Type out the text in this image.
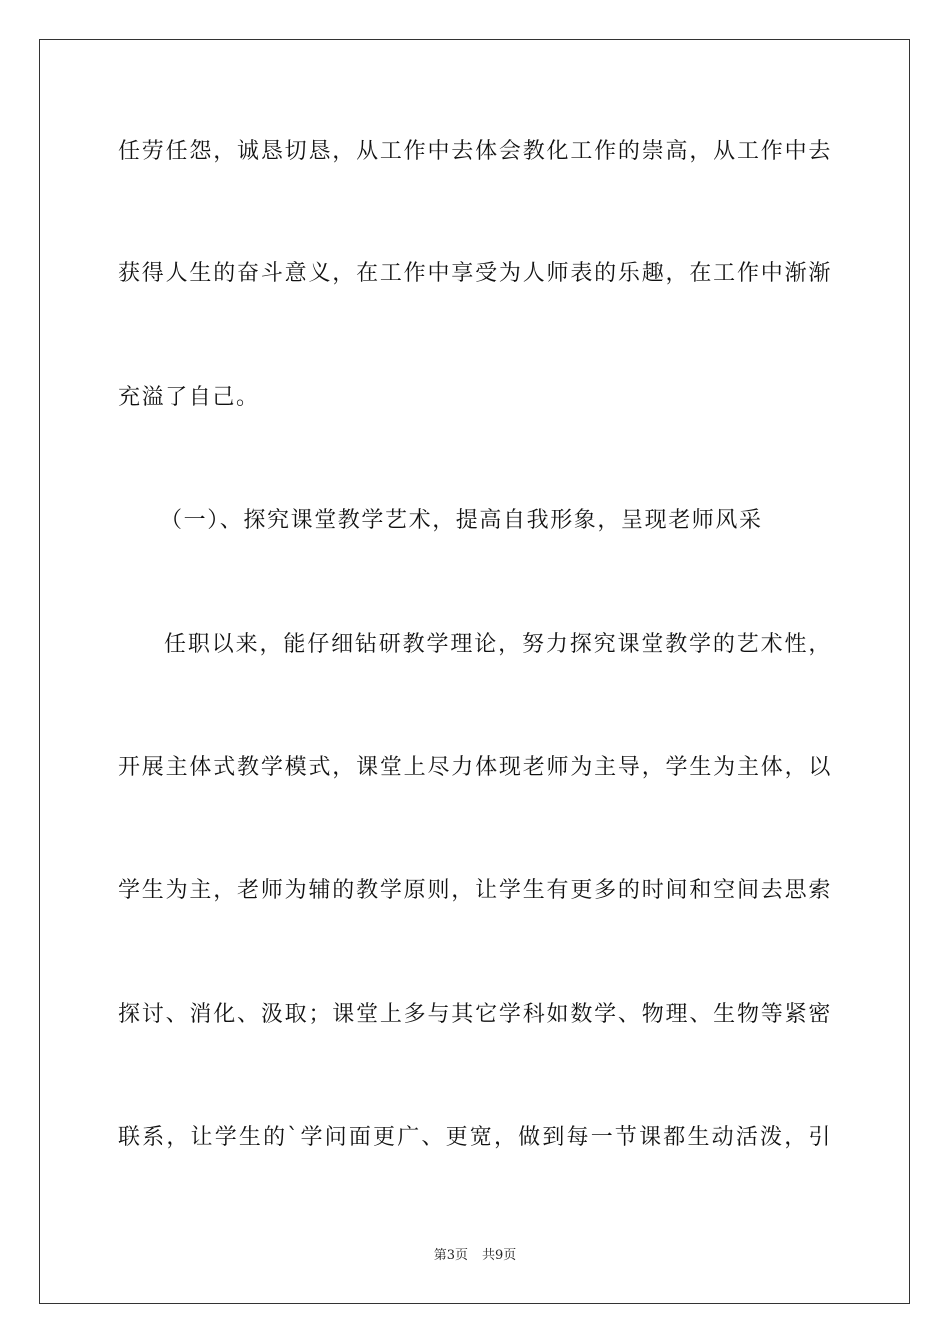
任劳任怨，诚恳切恳，从工作中去体会教化工作的崇高，从工作中去
获得人生的奋斗意义，在工作中享受为人师表的乐趣，在工作中渐渐
充溢了自己。
（一）、探究课堂教学艺术，提高自我形象，呈现老师风采
任职以来，能仔细钻研教学理论，努力探究课堂教学的艺术性，
开展主体式教学模式，课堂上尽力体现老师为主导，学生为主体，以
学生为主，老师为辅的教学原则，让学生有更多的时间和空间去思索
探讨、消化、汲取；课堂上多与其它学科如数学、物理、生物等紧密
联系，让学生的`学问面更广、更宽，做到每一节课都生动活泼，引
第3页 共9页
